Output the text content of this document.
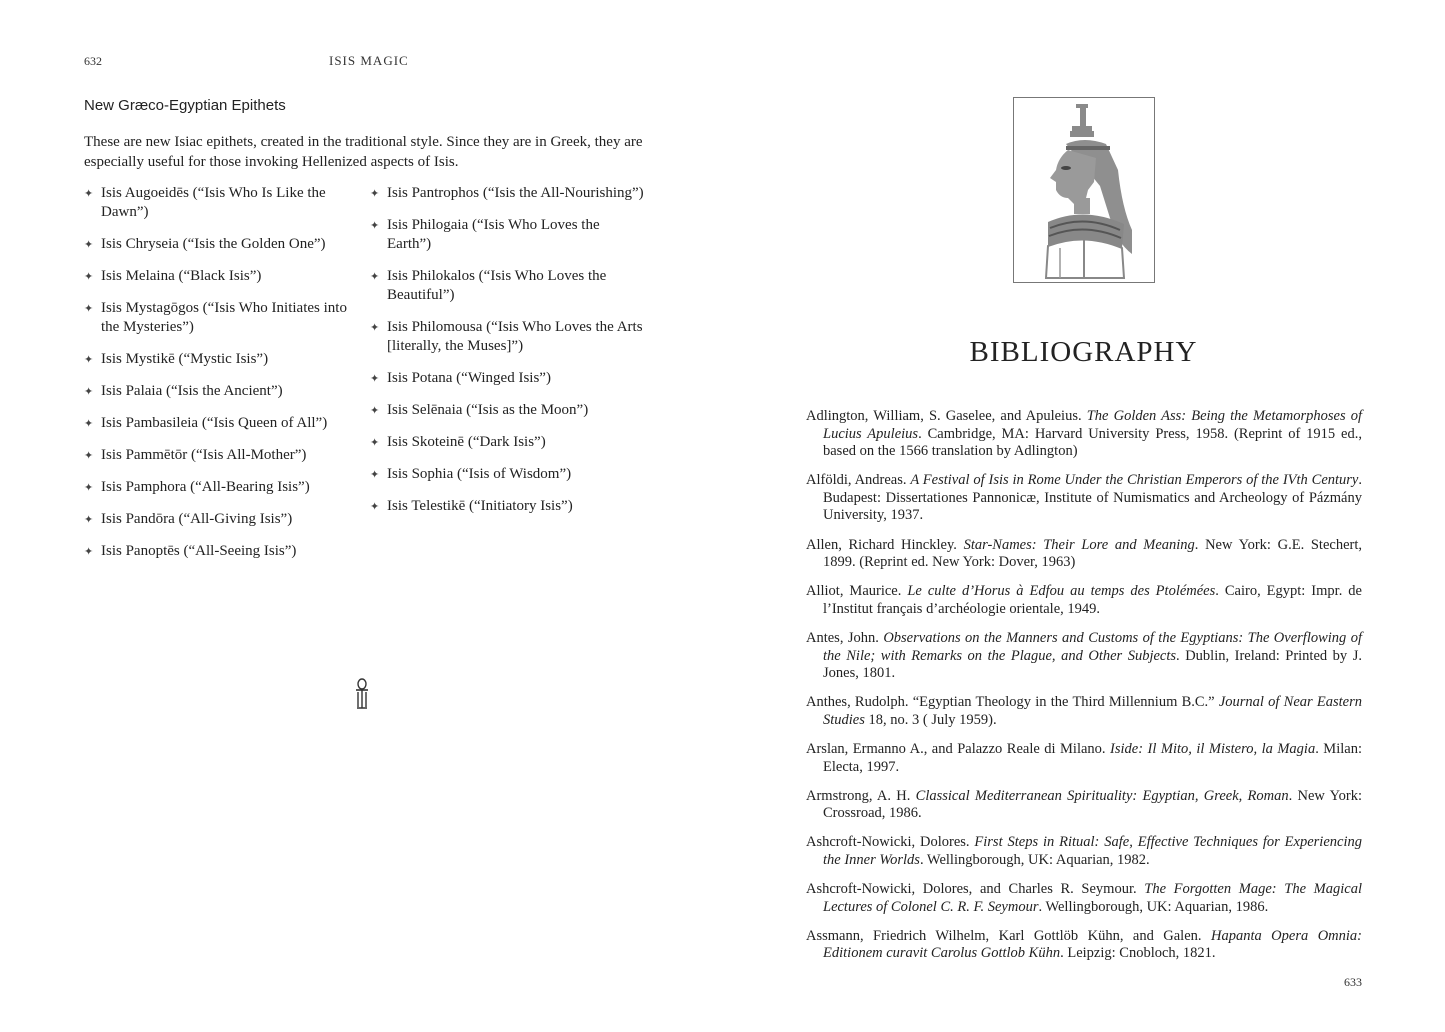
632	ISIS MAGIC
New Græco-Egyptian Epithets
These are new Isiac epithets, created in the traditional style. Since they are in Greek, they are especially useful for those invoking Hellenized aspects of Isis.
✦ Isis Augoeidēs (“Isis Who Is Like the Dawn”)
✦ Isis Chryseia (“Isis the Golden One”)
✦ Isis Melaina (“Black Isis”)
✦ Isis Mystagōgos (“Isis Who Initiates into the Mysteries”)
✦ Isis Mystikē (“Mystic Isis”)
✦ Isis Palaia (“Isis the Ancient”)
✦ Isis Pambasileia (“Isis Queen of All”)
✦ Isis Pammētōr (“Isis All-Mother”)
✦ Isis Pamphora (“All-Bearing Isis”)
✦ Isis Pandōra (“All-Giving Isis”)
✦ Isis Panoptēs (“All-Seeing Isis”)
✦ Isis Pantrophos (“Isis the All-Nourishing”)
✦ Isis Philogaia (“Isis Who Loves the Earth”)
✦ Isis Philokalos (“Isis Who Loves the Beautiful”)
✦ Isis Philomousa (“Isis Who Loves the Arts [literally, the Muses]”)
✦ Isis Potana (“Winged Isis”)
✦ Isis Selēnaia (“Isis as the Moon”)
✦ Isis Skoteinē (“Dark Isis”)
✦ Isis Sophia (“Isis of Wisdom”)
✦ Isis Telestikē (“Initiatory Isis”)
BIBLIOGRAPHY

Adlington, William, S. Gaselee, and Apuleius. The Golden Ass: Being the Metamorphoses of Lucius Apuleius. Cambridge, MA: Harvard University Press, 1958. (Reprint of 1915 ed., based on the 1566 translation by Adlington)

Alföldi, Andreas. A Festival of Isis in Rome Under the Christian Emperors of the IVth Century. Budapest: Dissertationes Pannonicæ, Institute of Numismatics and Archeology of Pázmány University, 1937.

Allen, Richard Hinckley. Star-Names: Their Lore and Meaning. New York: G.E. Stechert, 1899. (Reprint ed. New York: Dover, 1963)

Alliot, Maurice. Le culte d’Horus à Edfou au temps des Ptolémées. Cairo, Egypt: Impr. de l’Institut français d’archéologie orientale, 1949.

Antes, John. Observations on the Manners and Customs of the Egyptians: The Overflowing of the Nile; with Remarks on the Plague, and Other Subjects. Dublin, Ireland: Printed by J. Jones, 1801.

Anthes, Rudolph. “Egyptian Theology in the Third Millennium B.C.” Journal of Near Eastern Studies 18, no. 3 ( July 1959).

Arslan, Ermanno A., and Palazzo Reale di Milano. Iside: Il Mito, il Mistero, la Magia. Milan: Electa, 1997.

Armstrong, A. H. Classical Mediterranean Spirituality: Egyptian, Greek, Roman. New York: Crossroad, 1986.

Ashcroft-Nowicki, Dolores. First Steps in Ritual: Safe, Effective Techniques for Experiencing the Inner Worlds. Wellingborough, UK: Aquarian, 1982.

Ashcroft-Nowicki, Dolores, and Charles R. Seymour. The Forgotten Mage: The Magical Lectures of Colonel C. R. F. Seymour. Wellingborough, UK: Aquarian, 1986.

Assmann, Friedrich Wilhelm, Karl Gottlöb Kühn, and Galen. Hapanta Opera Omnia: Editionem curavit Carolus Gottlob Kühn. Leipzig: Cnobloch, 1821.

633
